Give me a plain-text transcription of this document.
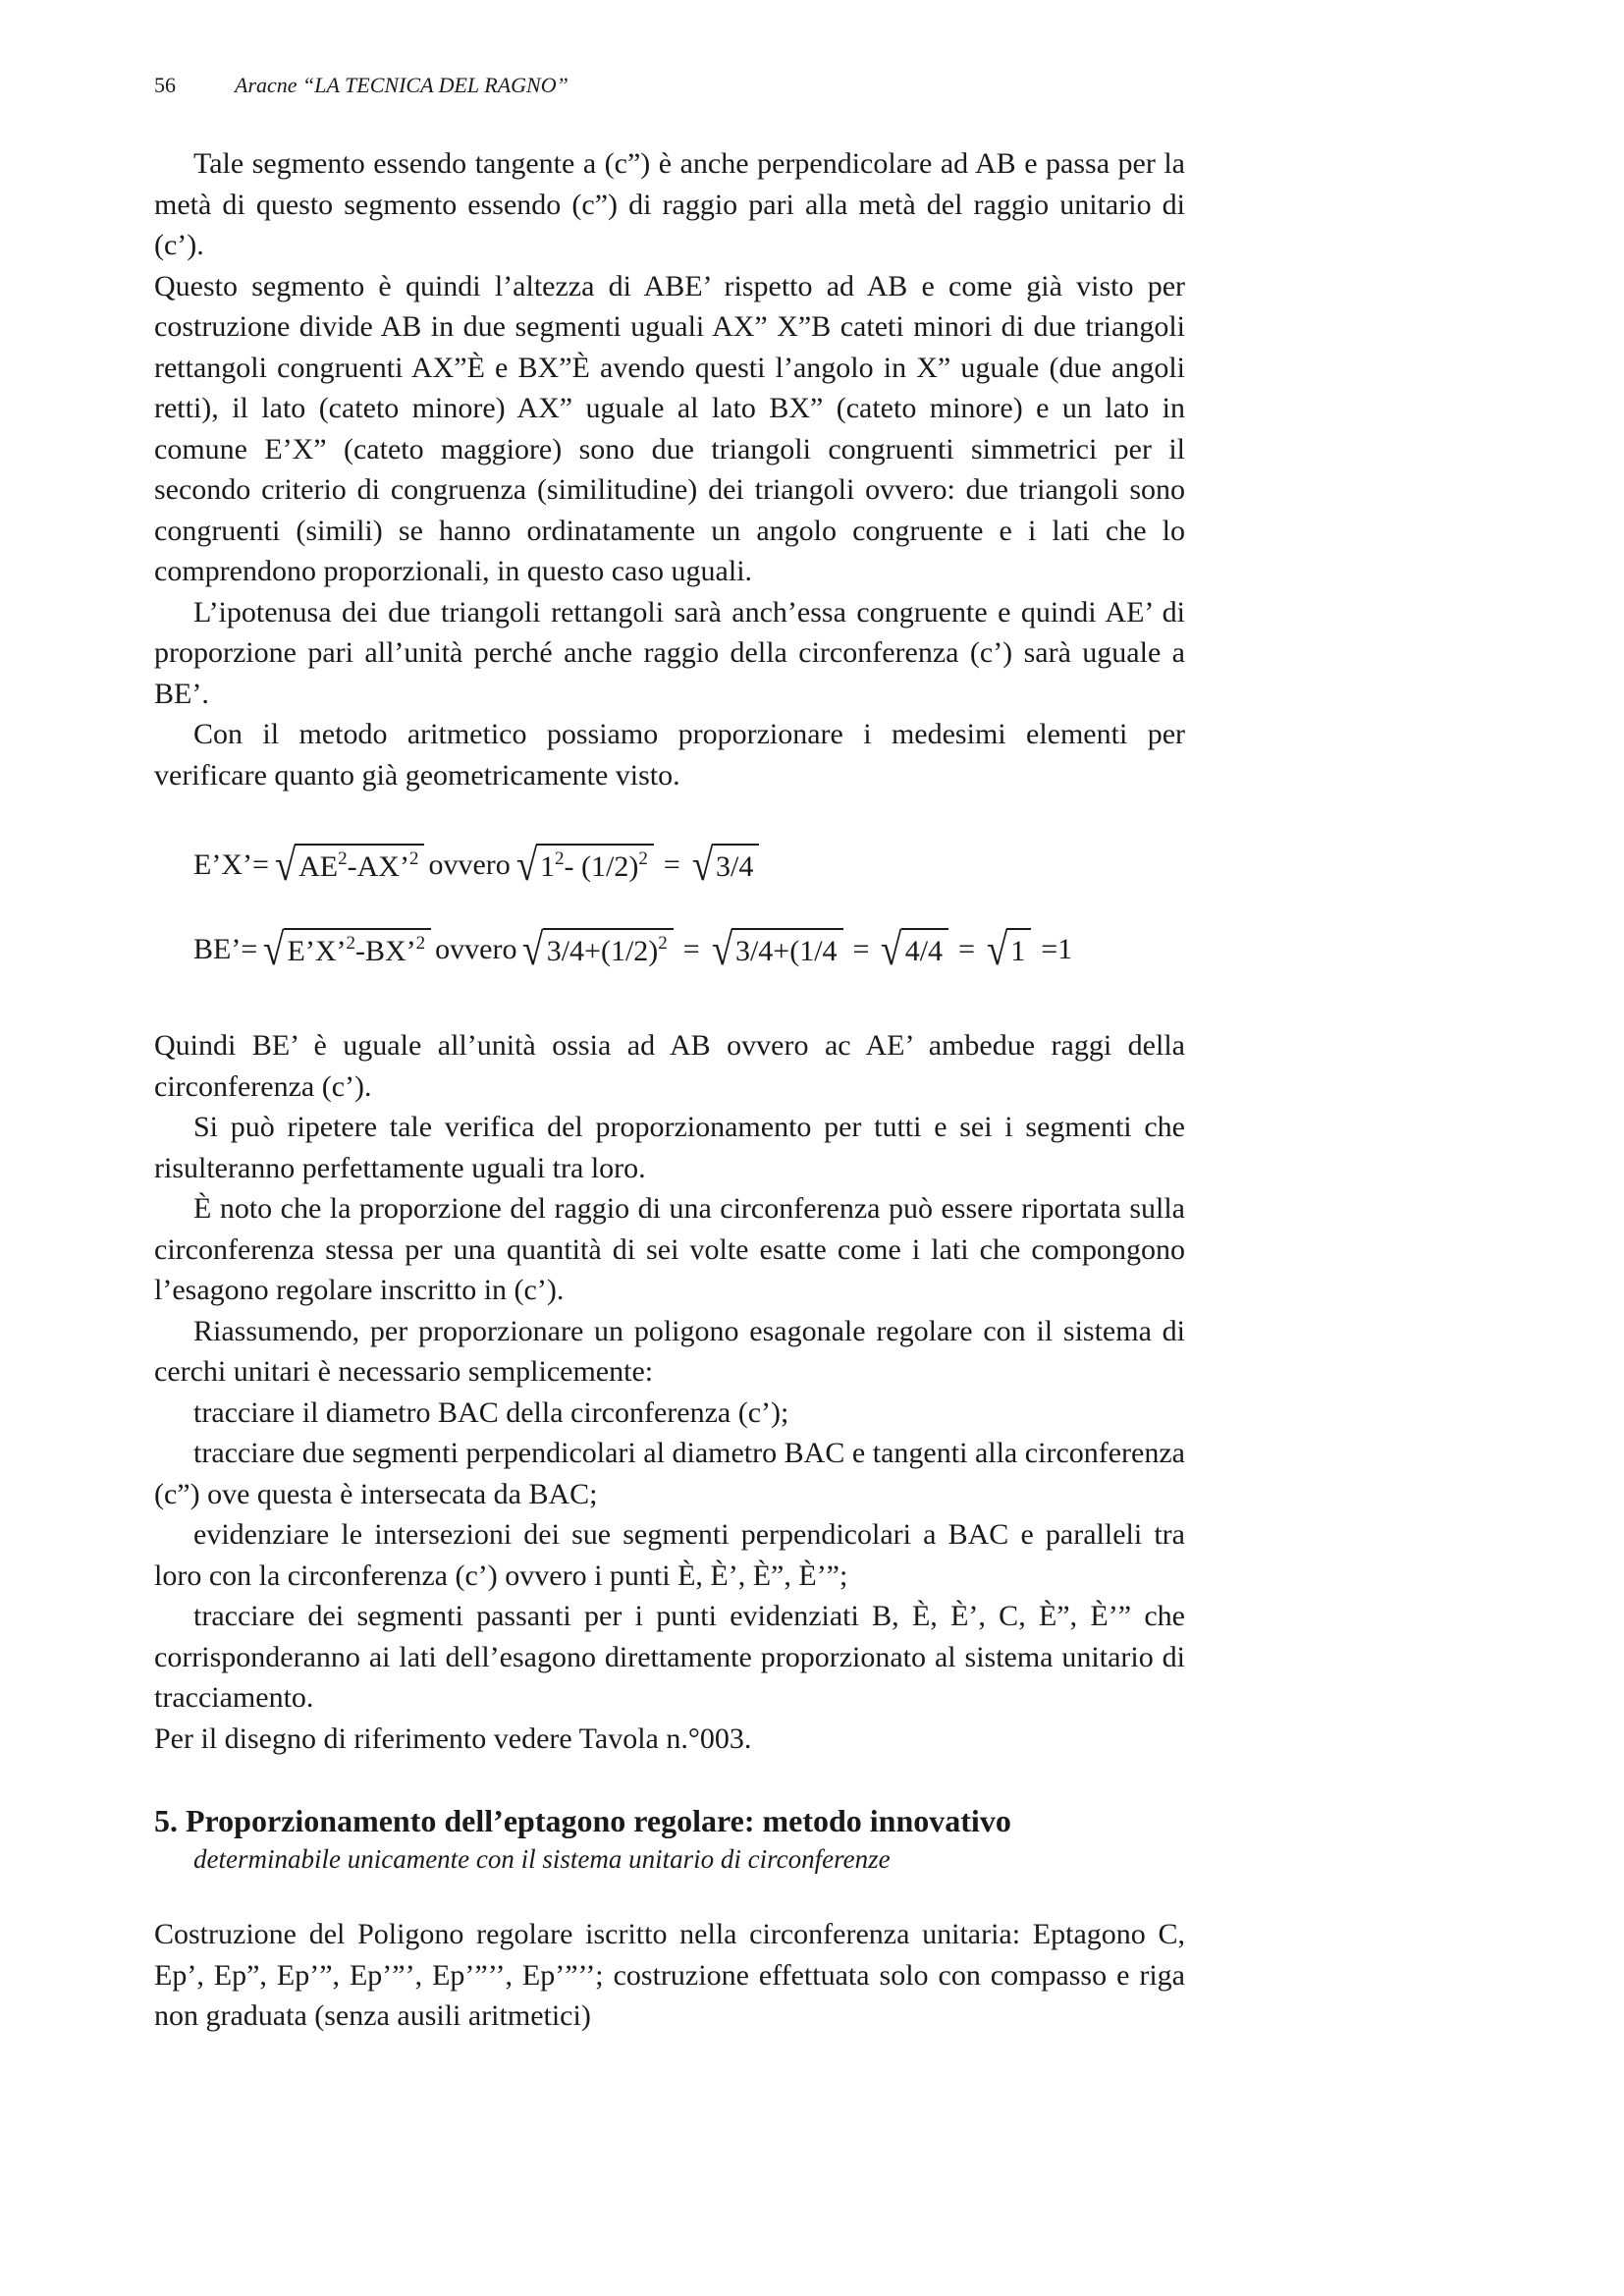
56	Aracne “LA TECNICA DEL RAGNO”

Tale segmento essendo tangente a (c”) è anche perpendicolare ad AB e passa per la metà di questo segmento essendo (c”) di raggio pari alla metà del raggio unitario di (c’).

Questo segmento è quindi l’altezza di ABE’ rispetto ad AB e come già visto per costruzione divide AB in due segmenti uguali AX” X”B cateti minori di due triangoli rettangoli congruenti AX”È e BX”È avendo questi l’angolo in X” uguale (due angoli retti), il lato (cateto minore) AX” uguale al lato BX” (cateto minore) e un lato in comune E’X” (cateto maggiore) sono due triangoli congruenti simmetrici per il secondo criterio di congruenza (similitudine) dei triangoli ovvero: due triangoli sono congruenti (simili) se hanno ordinatamente un angolo congruente e i lati che lo comprendono proporzionali, in questo caso uguali.

L’ipotenusa dei due triangoli rettangoli sarà anch’essa congruente e quindi AE’ di proporzione pari all’unità perché anche raggio della circonferenza (c’) sarà uguale a BE’.

Con il metodo aritmetico possiamo proporzionare i medesimi elementi per verificare quanto già geometricamente visto.

E’X’= √ $AE^2-AX’^2$ ovvero √ $1^2-$ $(1/2)^2$ = √ 3/4
BE’= √ E’X’$^2$-BX’$^2$ ovvero √ $3/4+(1/2)^2$ = √ 3/4+(1/4 = √ 4/4 = √ 1 =1

Quindi BE’ è uguale all’unità ossia ad AB ovvero ac AE’ ambedue raggi della circonferenza (c’).

Si può ripetere tale verifica del proporzionamento per tutti e sei i segmenti che risulteranno perfettamente uguali tra loro.

È noto che la proporzione del raggio di una circonferenza può essere riportata sulla circonferenza stessa per una quantità di sei volte esatte come i lati che compongono l’esagono regolare inscritto in (c’).

Riassumendo, per proporzionare un poligono esagonale regolare con il sistema di cerchi unitari è necessario semplicemente:

tracciare il diametro BAC della circonferenza (c’);

tracciare due segmenti perpendicolari al diametro BAC e tangenti alla circonferenza (c”) ove questa è intersecata da BAC;

evidenziare le intersezioni dei sue segmenti perpendicolari a BAC e paralleli tra loro con la circonferenza (c’) ovvero i punti È, È’, È”, È’”;

tracciare dei segmenti passanti per i punti evidenziati B, È, È’, C, È”, È’” che corrisponderanno ai lati dell’esagono direttamente proporzionato al sistema unitario di tracciamento.

Per il disegno di riferimento vedere Tavola n.°003.

5. Proporzionamento dell’eptagono regolare: metodo innovativo
determinabile unicamente con il sistema unitario di circonferenze

Costruzione del Poligono regolare iscritto nella circonferenza unitaria: Eptagono C, Ep’, Ep”, Ep’”, Ep’”’, Ep’”’’, Ep’”’’; costruzione effettuata solo con compasso e riga non graduata (senza ausili aritmetici)
